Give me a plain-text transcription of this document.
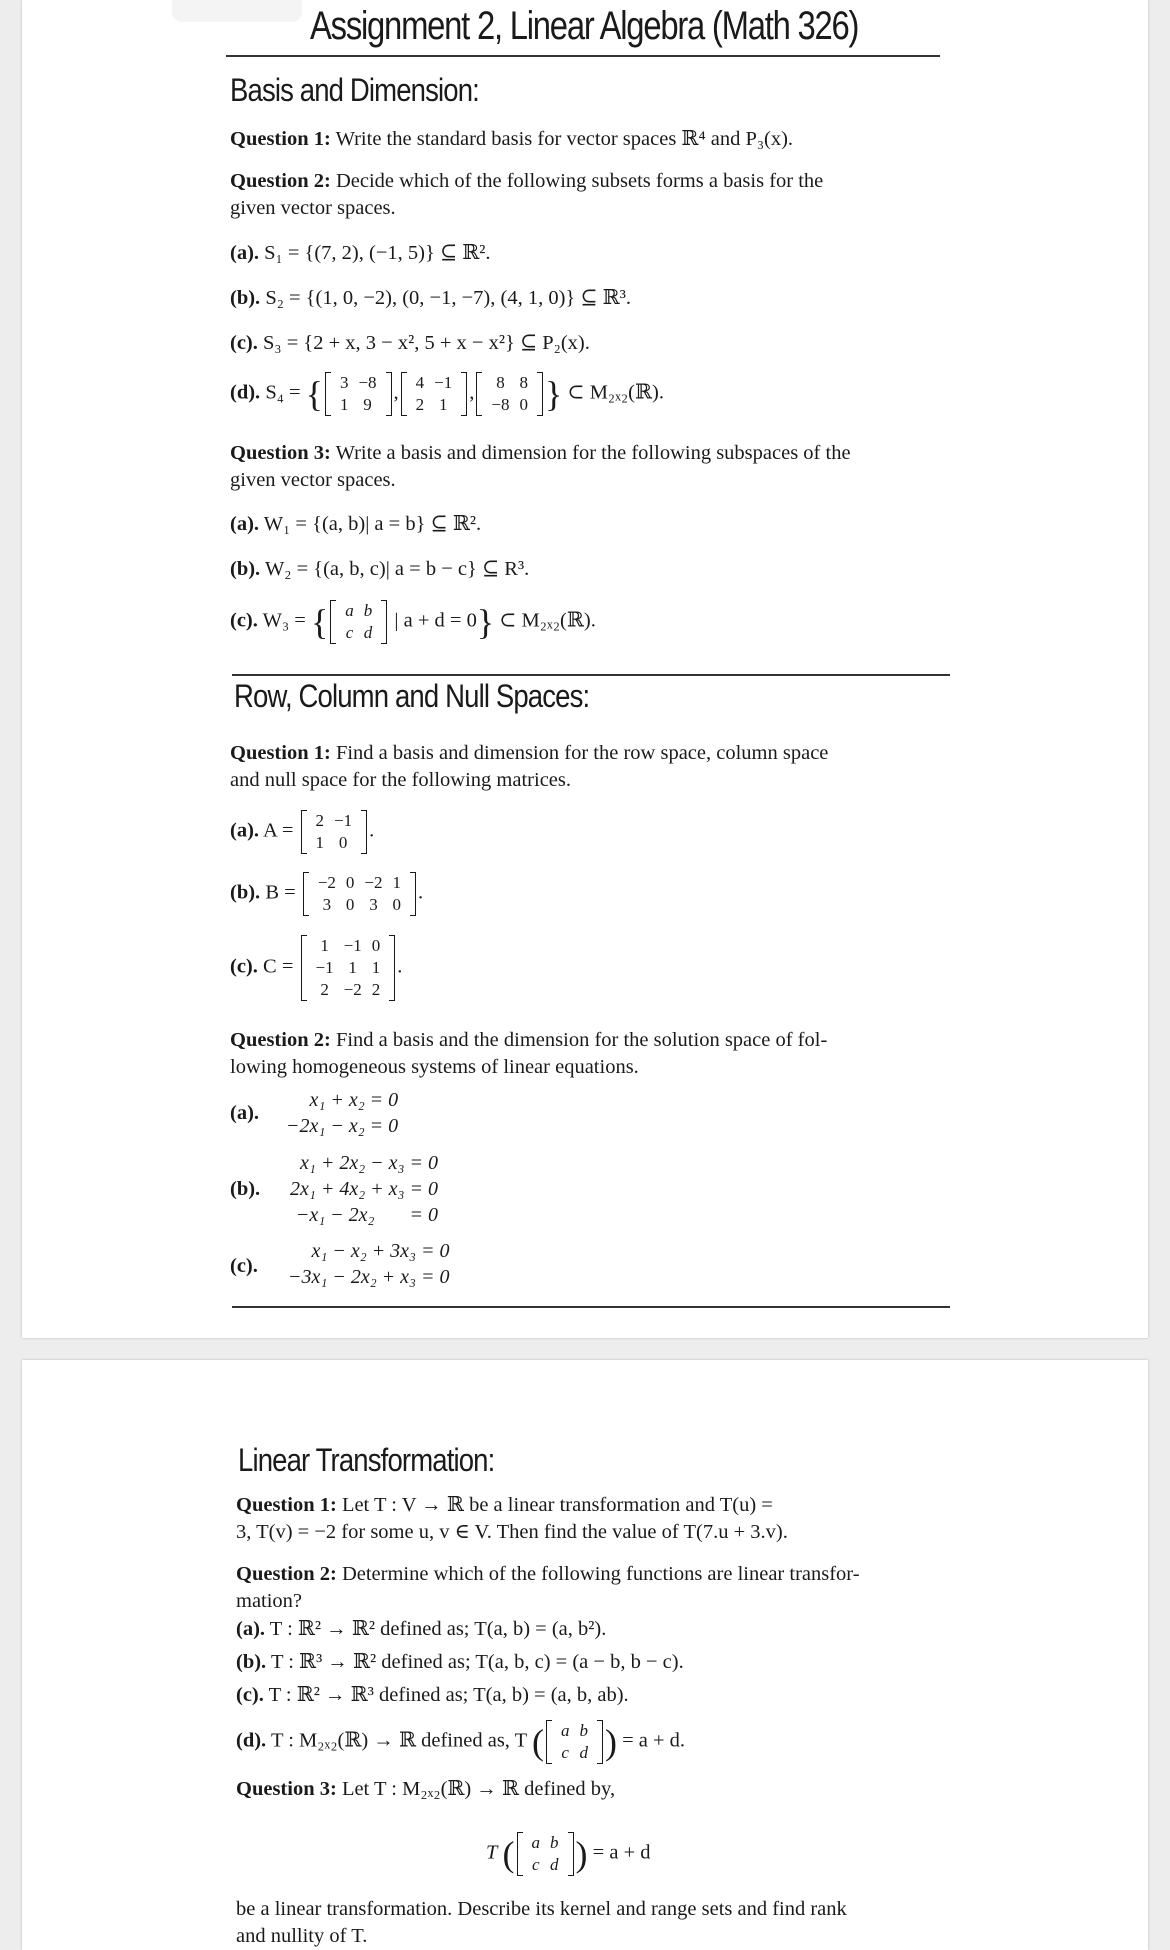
Assignment 2, Linear Algebra (Math 326)
Basis and Dimension:
Question 1: Write the standard basis for vector spaces ℝ⁴ and P₃(x).
Question 2: Decide which of the following subsets forms a basis for the
given vector spaces.
(a). S₁ = {(7, 2), (−1, 5)} ⊆ ℝ².
(b). S₂ = {(1, 0, −2), (0, −1, −7), (4, 1, 0)} ⊆ ℝ³.
(c). S₃ = {2 + x, 3 − x², 5 + x − x²} ⊆ P₂(x).
(d). S₄ = { 3	−8
1	9
, 4	−1
2	1
, 8	8
−8	0 } ⊂ M₂ₓ₂(ℝ).
Question 3: Write a basis and dimension for the following subspaces of the
given vector spaces.
(a). W₁ = {(a, b)| a = b} ⊆ ℝ².
(b). W₂ = {(a, b, c)| a = b − c} ⊆ R³.
(c). W₃ = { a	b
c	d
| a + d = 0} ⊂ M₂ₓ₂(ℝ).
Row, Column and Null Spaces:
Question 1: Find a basis and dimension for the row space, column space
and null space for the following matrices.
(a). A = 2	−1
1	0
.
(b). B = −2	0	−2	1
3	0	3	0
.
(c). C =
1	−1	0
−1	1	1
2	−2	2
.
Question 2: Find a basis and the dimension for the solution space of fol-
lowing homogeneous systems of linear equations.
(a).
x₁ + x₂ = 0
−2x₁ − x₂ = 0
(b).
x₁ + 2x₂ − x₃ = 0
2x₁ + 4x₂ + x₃ = 0
−x₁ − 2x₂       = 0
(c).
x₁ − x₂ + 3x₃ = 0
−3x₁ − 2x₂ + x₃ = 0
Linear Transformation:
Question 1: Let T : V → ℝ be a linear transformation and T(u) =
3, T(v) = −2 for some u, v ∈ V. Then find the value of T(7.u + 3.v).
Question 2: Determine which of the following functions are linear transfor-
mation?
(a). T : ℝ² → ℝ² defined as; T(a, b) = (a, b²).
(b). T : ℝ³ → ℝ² defined as; T(a, b, c) = (a − b, b − c).
(c). T : ℝ² → ℝ³ defined as; T(a, b) = (a, b, ab).
(d). T : M₂ₓ₂(ℝ) → ℝ defined as, T ( a	b
c	d ) = a + d.
Question 3: Let T : M₂ₓ₂(ℝ) → ℝ defined by,
T ( a	b
c	d ) = a + d
be a linear transformation. Describe its kernel and range sets and find rank
and nullity of T.
